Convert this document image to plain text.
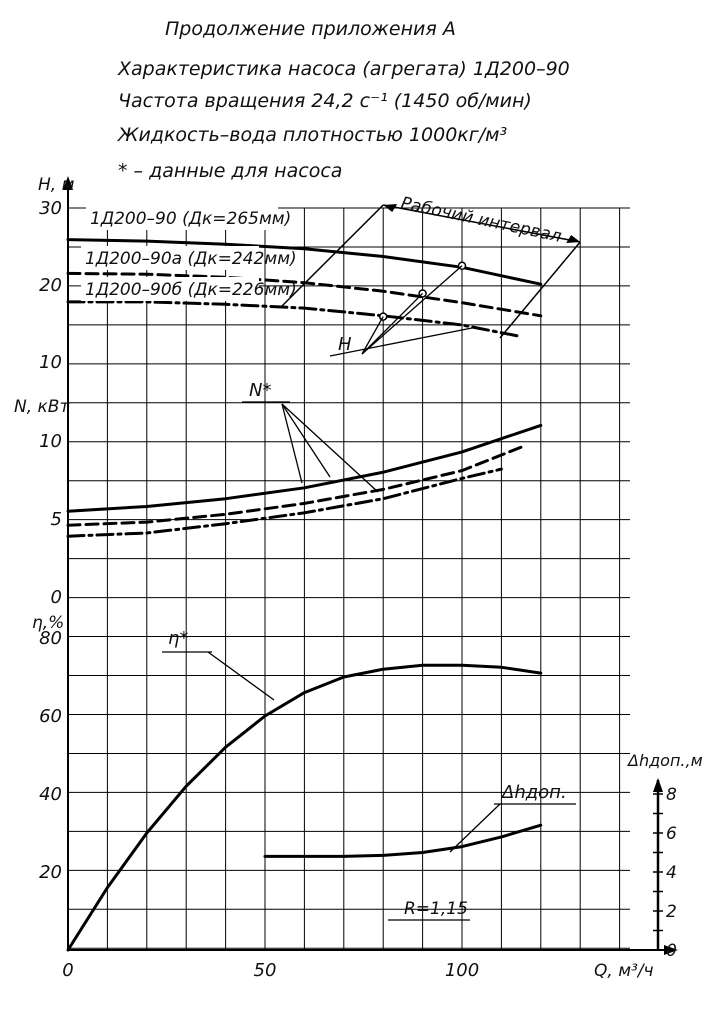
Продолжение приложения А
Характеристика насоса (агрегата) 1Д200–90
Частота вращения 24,2 с⁻¹ (1450 об/мин)
Жидкость–вода плотностью 1000кг/м³
* – данные для насоса
0	50	100	Q, м³/ч
30
20
10
H, м
10
5
0
N, кВт
80
60
40
20
η,%
8
6
4
2
0
Δhдоп.,м
1Д200–90 (Дк=265мм)
1Д200–90а (Дк=242мм)
1Д200–90б (Дк=226мм)
Рабочий интервал
H
N*
η*
Δhдоп.
R=1,15
